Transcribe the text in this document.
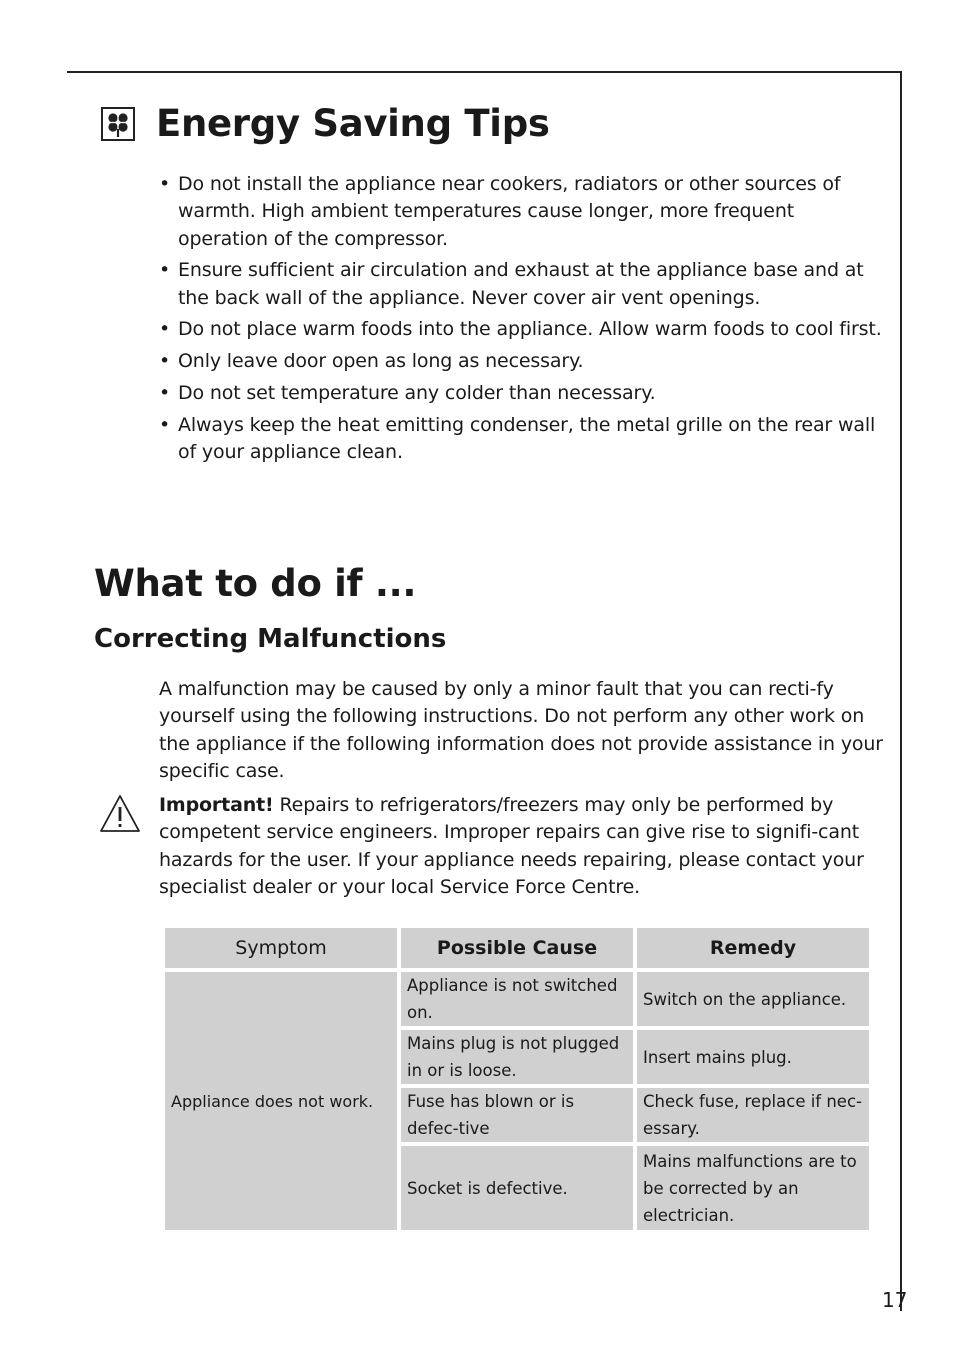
Energy Saving Tips
• Do not install the appliance near cookers, radiators or other sources of warmth. High ambient temperatures cause longer, more frequent operation of the compressor.
• Ensure sufficient air circulation and exhaust at the appliance base and at the back wall of the appliance. Never cover air vent openings.
• Do not place warm foods into the appliance. Allow warm foods to cool first.
• Only leave door open as long as necessary.
• Do not set temperature any colder than necessary.
• Always keep the heat emitting condenser, the metal grille on the rear wall of your appliance clean.
What to do if ...
Correcting Malfunctions

A malfunction may be caused by only a minor fault that you can recti-fy yourself using the following instructions. Do not perform any other work on the appliance if the following information does not provide assistance in your specific case.

Important! Repairs to refrigerators/freezers may only be performed by competent service engineers. Improper repairs can give rise to signifi-cant hazards for the user. If your appliance needs repairing, please contact your specialist dealer or your local Service Force Centre.

Symptom	Possible Cause	Remedy
Appliance does not work.	Appliance is not switched on.	Switch on the appliance.
	Mains plug is not plugged in or is loose.	Insert mains plug.
	Fuse has blown or is defec-tive	Check fuse, replace if nec-essary.
	Socket is defective.	Mains malfunctions are to be corrected by an electrician.
17
